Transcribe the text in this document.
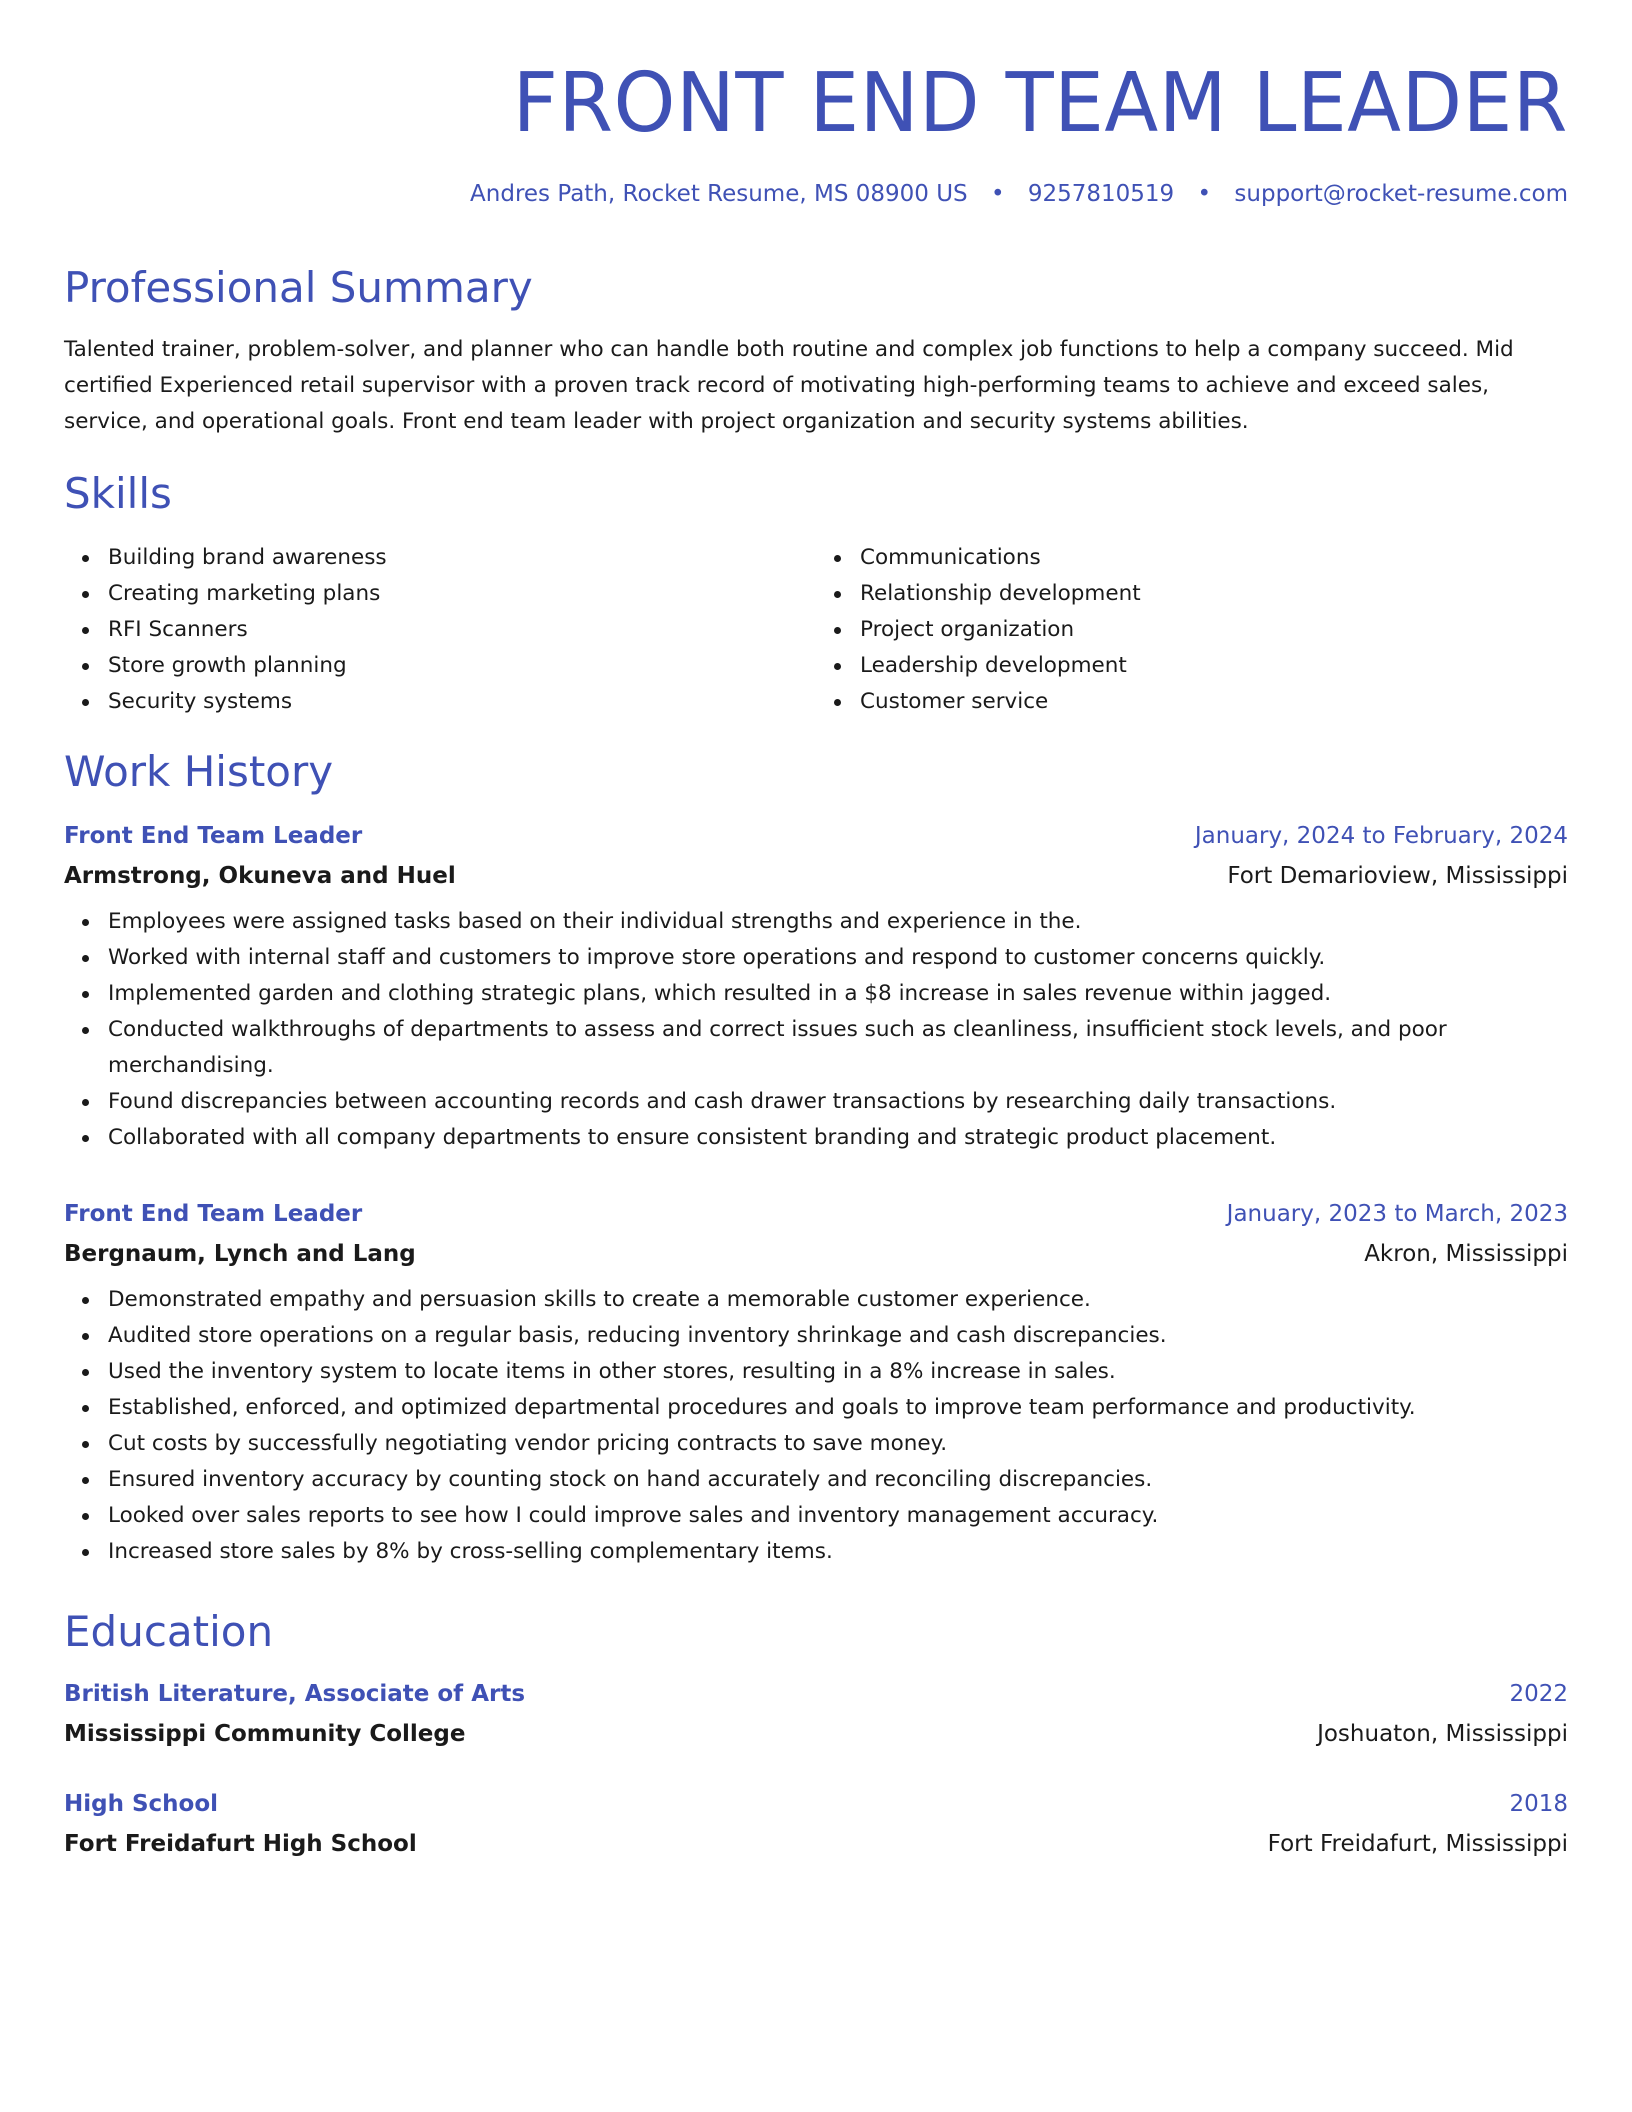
FRONT END TEAM LEADER
Andres Path, Rocket Resume, MS 08900 US • 9257810519 • support@rocket-resume.com
Professional Summary

Talented trainer, problem-solver, and planner who can handle both routine and complex job functions to help a company succeed. Mid certified Experienced retail supervisor with a proven track record of motivating high-performing teams to achieve and exceed sales, service, and operational goals. Front end team leader with project organization and security systems abilities.

Skills
Building brand awareness
Creating marketing plans
RFI Scanners
Store growth planning
Security systems
Communications
Relationship development
Project organization
Leadership development
Customer service
Work History
Front End Team Leader	January, 2024 to February, 2024
Armstrong, Okuneva and Huel	Fort Demarioview, Mississippi
Employees were assigned tasks based on their individual strengths and experience in the.
Worked with internal staff and customers to improve store operations and respond to customer concerns quickly.
Implemented garden and clothing strategic plans, which resulted in a $8 increase in sales revenue within jagged.
Conducted walkthroughs of departments to assess and correct issues such as cleanliness, insufficient stock levels, and poor merchandising.
Found discrepancies between accounting records and cash drawer transactions by researching daily transactions.
Collaborated with all company departments to ensure consistent branding and strategic product placement.
Front End Team Leader	January, 2023 to March, 2023
Bergnaum, Lynch and Lang	Akron, Mississippi
Demonstrated empathy and persuasion skills to create a memorable customer experience.
Audited store operations on a regular basis, reducing inventory shrinkage and cash discrepancies.
Used the inventory system to locate items in other stores, resulting in a 8% increase in sales.
Established, enforced, and optimized departmental procedures and goals to improve team performance and productivity.
Cut costs by successfully negotiating vendor pricing contracts to save money.
Ensured inventory accuracy by counting stock on hand accurately and reconciling discrepancies.
Looked over sales reports to see how I could improve sales and inventory management accuracy.
Increased store sales by 8% by cross-selling complementary items.
Education
British Literature, Associate of Arts	2022
Mississippi Community College	Joshuaton, Mississippi
High School	2018
Fort Freidafurt High School	Fort Freidafurt, Mississippi
